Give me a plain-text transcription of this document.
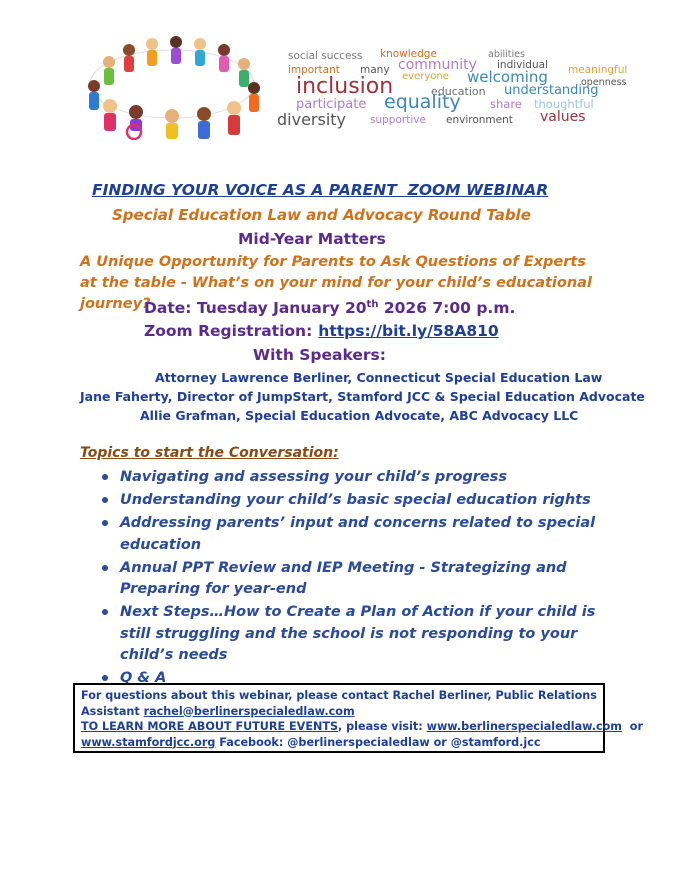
social success knowledge	abilities
important many community individual meaningful
everyone welcoming	openness
inclusion	education understanding
participate equality	share thoughtful
diversity supportive environment values
FINDING YOUR VOICE AS A PARENT  ZOOM WEBINAR
Special Education Law and Advocacy Round Table
Mid-Year Matters
A Unique Opportunity for Parents to Ask Questions of Experts at the table - What’s on your mind for your child’s educational journey?
Date: Tuesday January 20th 2026 7:00 p.m.
Zoom Registration: https://bit.ly/58A810
With Speakers:
Attorney Lawrence Berliner, Connecticut Special Education Law
Jane Faherty, Director of JumpStart, Stamford JCC & Special Education Advocate
Allie Grafman, Special Education Advocate, ABC Advocacy LLC
Topics to start the Conversation:
Navigating and assessing your child’s progress
Understanding your child’s basic special education rights
Addressing parents’ input and concerns related to special education
Annual PPT Review and IEP Meeting - Strategizing and Preparing for year-end
Next Steps…How to Create a Plan of Action if your child is still struggling and the school is not responding to your child’s needs
Q & A

For questions about this webinar, please contact Rachel Berliner, Public Relations

Assistant rachel@berlinerspecialedlaw.com

TO LEARN MORE ABOUT FUTURE EVENTS, please visit: www.berlinerspecialedlaw.com  or

www.stamfordjcc.org Facebook: @berlinerspecialedlaw or @stamford.jcc
